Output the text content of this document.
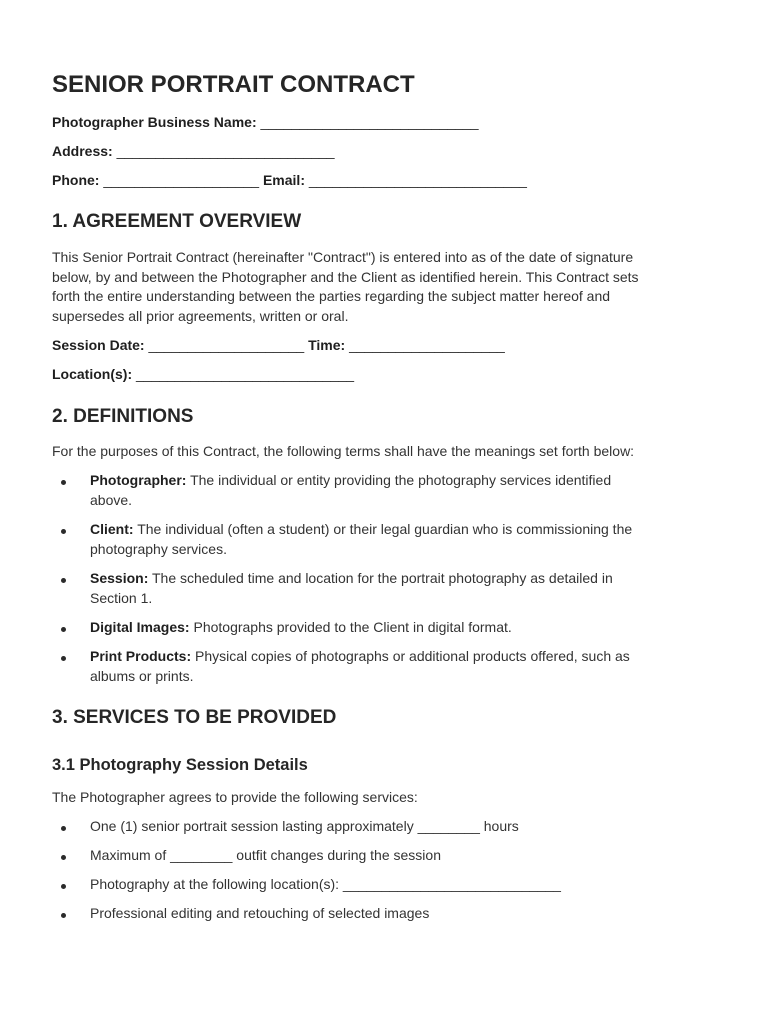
SENIOR PORTRAIT CONTRACT

Photographer Business Name: ____________________________

Address: ____________________________

Phone: ____________________ Email: ____________________________

1. AGREEMENT OVERVIEW
This Senior Portrait Contract (hereinafter "Contract") is entered into as of the date of signature
below, by and between the Photographer and the Client as identified herein. This Contract sets
forth the entire understanding between the parties regarding the subject matter hereof and
supersedes all prior agreements, written or oral.

Session Date: ____________________ Time: ____________________

Location(s): ____________________________

2. DEFINITIONS

For the purposes of this Contract, the following terms shall have the meanings set forth below:

Photographer: The individual or entity providing the photography services identified
above.
Client: The individual (often a student) or their legal guardian who is commissioning the
photography services.
Session: The scheduled time and location for the portrait photography as detailed in
Section 1.
Digital Images: Photographs provided to the Client in digital format.
Print Products: Physical copies of photographs or additional products offered, such as
albums or prints.
3. SERVICES TO BE PROVIDED
3.1 Photography Session Details

The Photographer agrees to provide the following services:

One (1) senior portrait session lasting approximately ________ hours
Maximum of ________ outfit changes during the session
Photography at the following location(s): ____________________________
Professional editing and retouching of selected images
